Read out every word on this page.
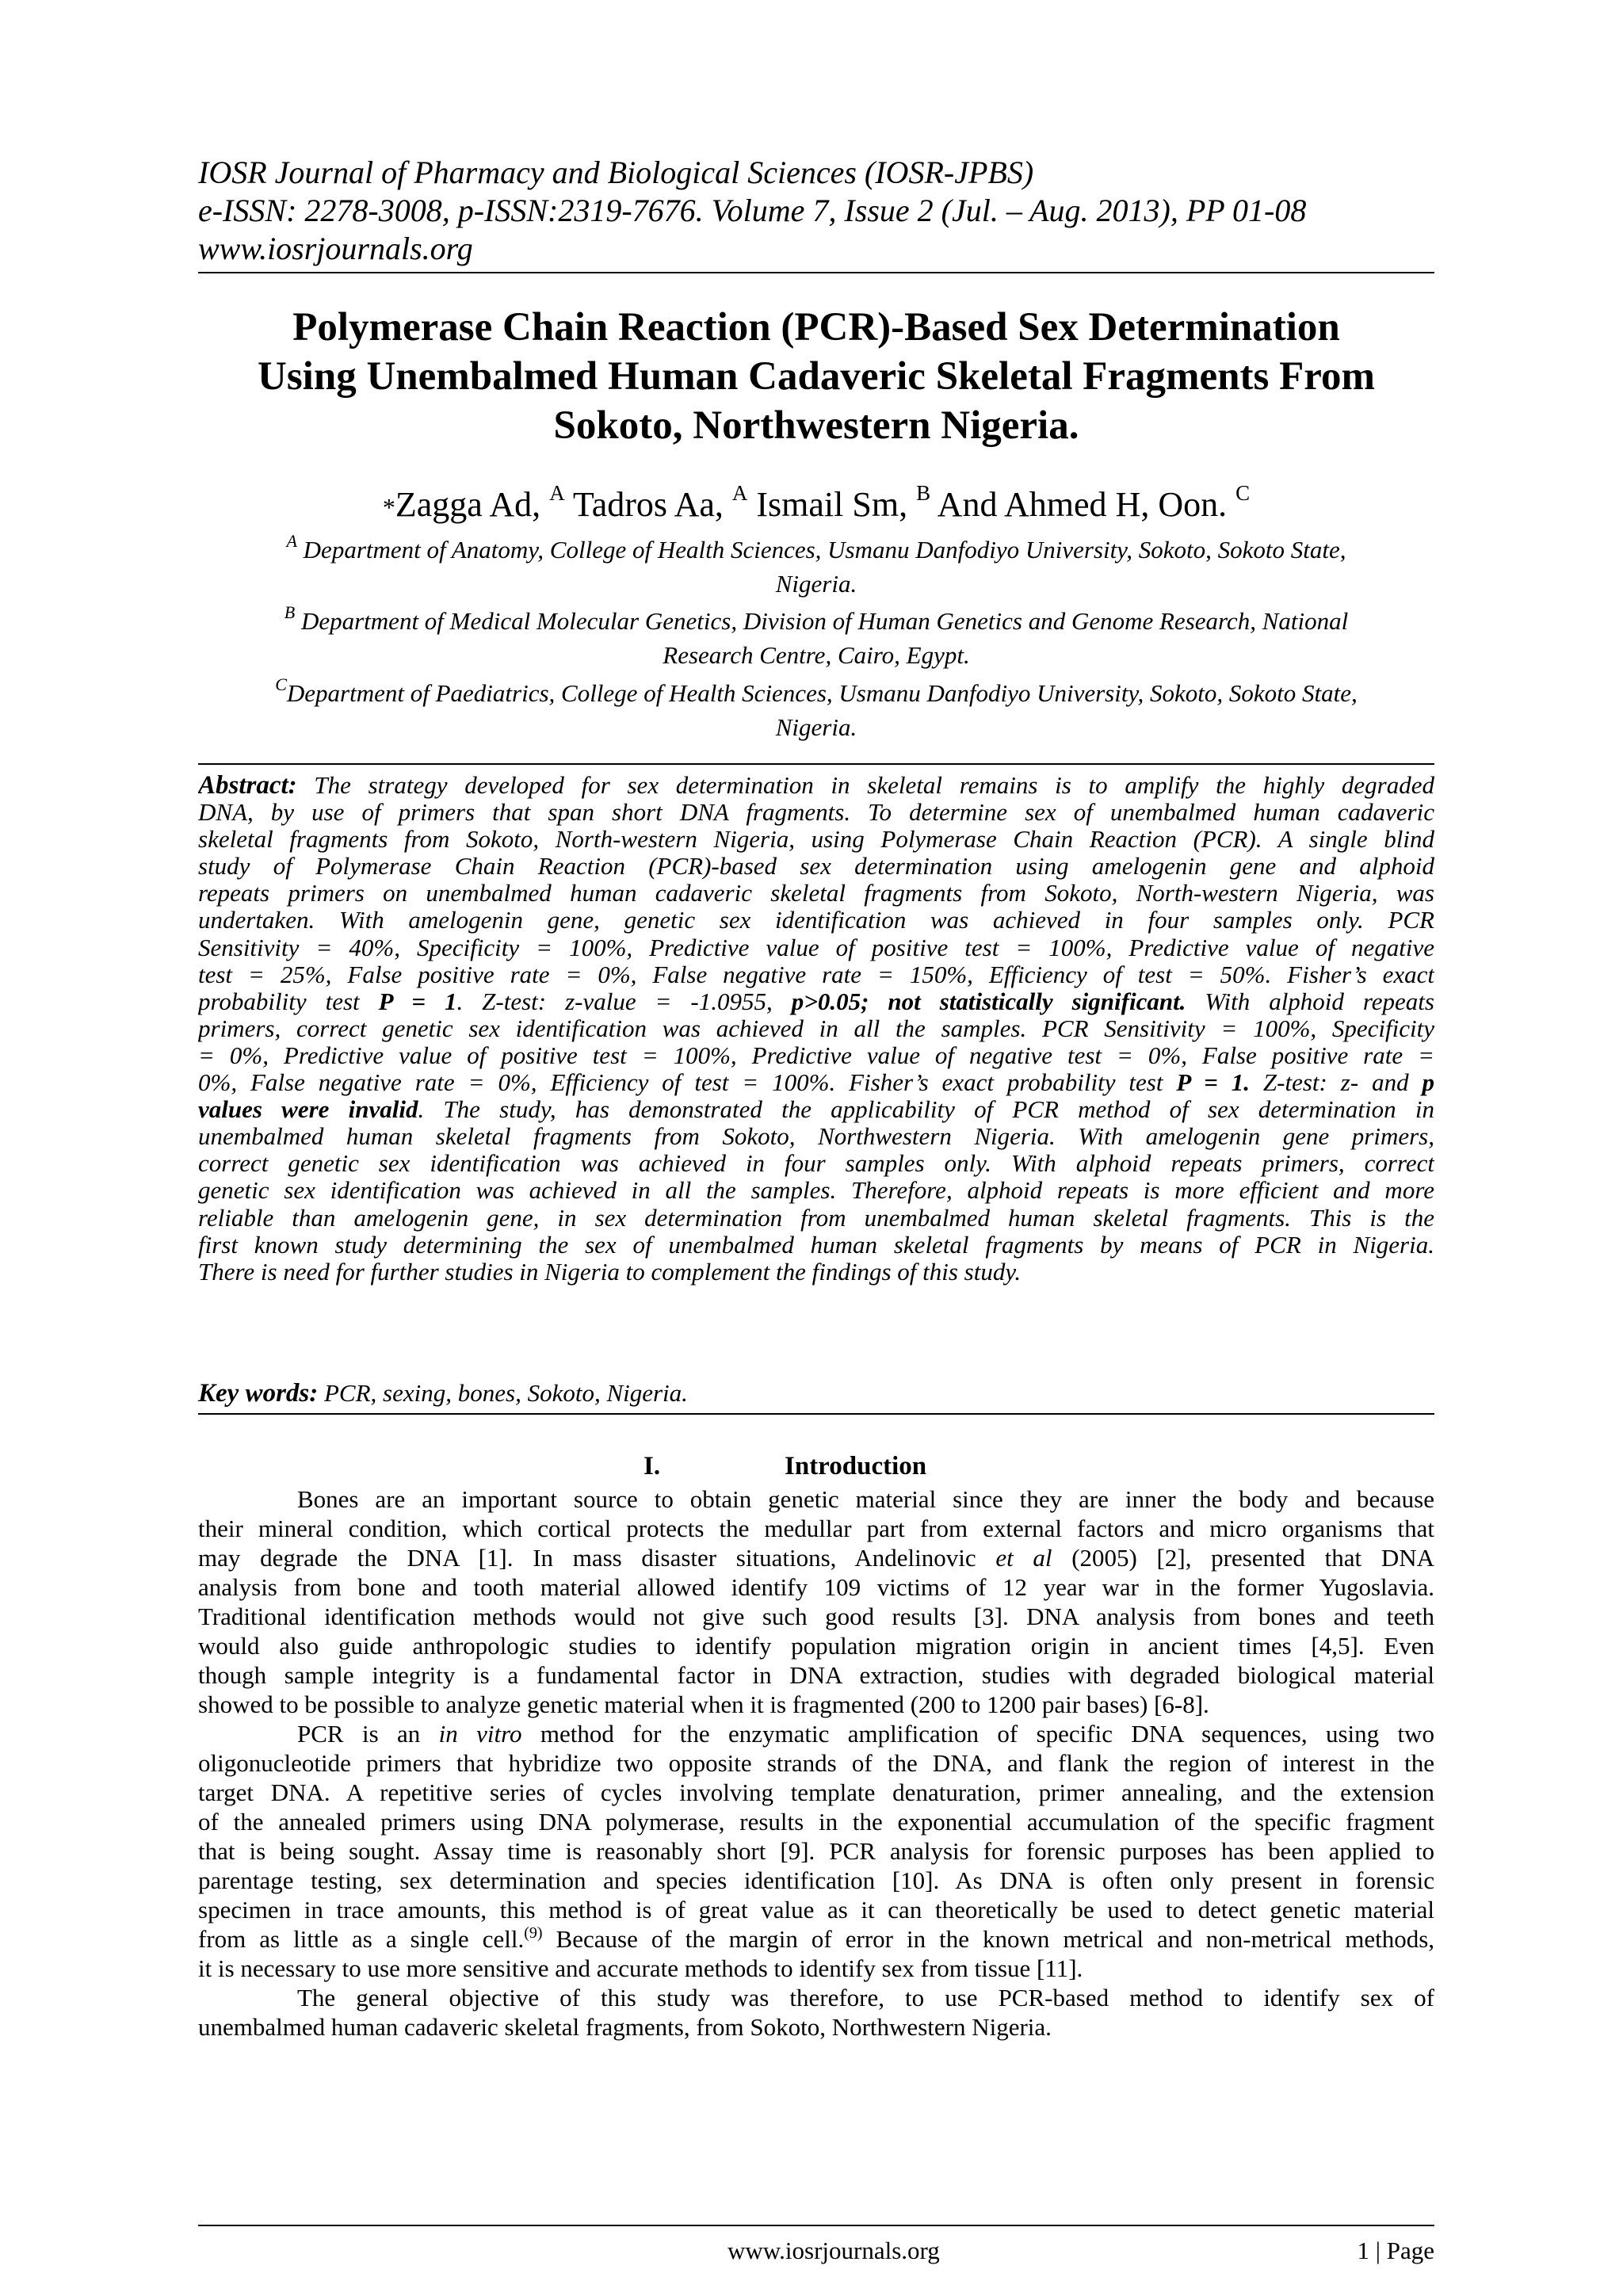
IOSR Journal of Pharmacy and Biological Sciences (IOSR-JPBS)
e-ISSN: 2278-3008, p-ISSN:2319-7676. Volume 7, Issue 2 (Jul. – Aug. 2013), PP 01-08
www.iosrjournals.org
Polymerase Chain Reaction (PCR)-Based Sex Determination
Using Unembalmed Human Cadaveric Skeletal Fragments From
Sokoto, Northwestern Nigeria.
*Zagga Ad, $^A$ Tadros Aa, $^A$ Ismail Sm, $^B$ And Ahmed H, Oon. $^C$
$^A$ Department of Anatomy, College of Health Sciences, Usmanu Danfodiyo University, Sokoto, Sokoto State,
Nigeria.
$^B$ Department of Medical Molecular Genetics, Division of Human Genetics and Genome Research, National
Research Centre, Cairo, Egypt.
$^C$Department of Paediatrics, College of Health Sciences, Usmanu Danfodiyo University, Sokoto, Sokoto State,
Nigeria.
Abstract: The strategy developed for sex determination in skeletal remains is to amplify the highly degraded
DNA, by use of primers that span short DNA fragments. To determine sex of unembalmed human cadaveric
skeletal fragments from Sokoto, North-western Nigeria, using Polymerase Chain Reaction (PCR). A single blind
study of Polymerase Chain Reaction (PCR)-based sex determination using amelogenin gene and alphoid
repeats primers on unembalmed human cadaveric skeletal fragments from Sokoto, North-western Nigeria, was
undertaken. With amelogenin gene, genetic sex identification was achieved in four samples only. PCR
Sensitivity = 40%, Specificity = 100%, Predictive value of positive test = 100%, Predictive value of negative
test = 25%, False positive rate = 0%, False negative rate = 150%, Efficiency of test = 50%. Fisher’s exact
probability test P = 1. Z-test: z-value = -1.0955, p>0.05; not statistically significant. With alphoid repeats
primers, correct genetic sex identification was achieved in all the samples. PCR Sensitivity = 100%, Specificity
= 0%, Predictive value of positive test = 100%, Predictive value of negative test = 0%, False positive rate =
0%, False negative rate = 0%, Efficiency of test = 100%. Fisher’s exact probability test P = 1. Z-test: z- and p
values were invalid. The study, has demonstrated the applicability of PCR method of sex determination in
unembalmed human skeletal fragments from Sokoto, Northwestern Nigeria. With amelogenin gene primers,
correct genetic sex identification was achieved in four samples only. With alphoid repeats primers, correct
genetic sex identification was achieved in all the samples. Therefore, alphoid repeats is more efficient and more
reliable than amelogenin gene, in sex determination from unembalmed human skeletal fragments. This is the
first known study determining the sex of unembalmed human skeletal fragments by means of PCR in Nigeria.
There is need for further studies in Nigeria to complement the findings of this study.
Key words: PCR, sexing, bones, Sokoto, Nigeria.
I.	Introduction
Bones are an important source to obtain genetic material since they are inner the body and because
their mineral condition, which cortical protects the medullar part from external factors and micro organisms that
may degrade the DNA [1]. In mass disaster situations, Andelinovic et al (2005) [2], presented that DNA
analysis from bone and tooth material allowed identify 109 victims of 12 year war in the former Yugoslavia.
Traditional identification methods would not give such good results [3]. DNA analysis from bones and teeth
would also guide anthropologic studies to identify population migration origin in ancient times [4,5]. Even
though sample integrity is a fundamental factor in DNA extraction, studies with degraded biological material
showed to be possible to analyze genetic material when it is fragmented (200 to 1200 pair bases) [6-8].
PCR is an in vitro method for the enzymatic amplification of specific DNA sequences, using two
oligonucleotide primers that hybridize two opposite strands of the DNA, and flank the region of interest in the
target DNA. A repetitive series of cycles involving template denaturation, primer annealing, and the extension
of the annealed primers using DNA polymerase, results in the exponential accumulation of the specific fragment
that is being sought. Assay time is reasonably short [9]. PCR analysis for forensic purposes has been applied to
parentage testing, sex determination and species identification [10]. As DNA is often only present in forensic
specimen in trace amounts, this method is of great value as it can theoretically be used to detect genetic material
from as little as a single cell.$^{(9)}$ Because of the margin of error in the known metrical and non-metrical methods,
it is necessary to use more sensitive and accurate methods to identify sex from tissue [11].
The general objective of this study was therefore, to use PCR-based method to identify sex of
unembalmed human cadaveric skeletal fragments, from Sokoto, Northwestern Nigeria.
www.iosrjournals.org	1 | Page
